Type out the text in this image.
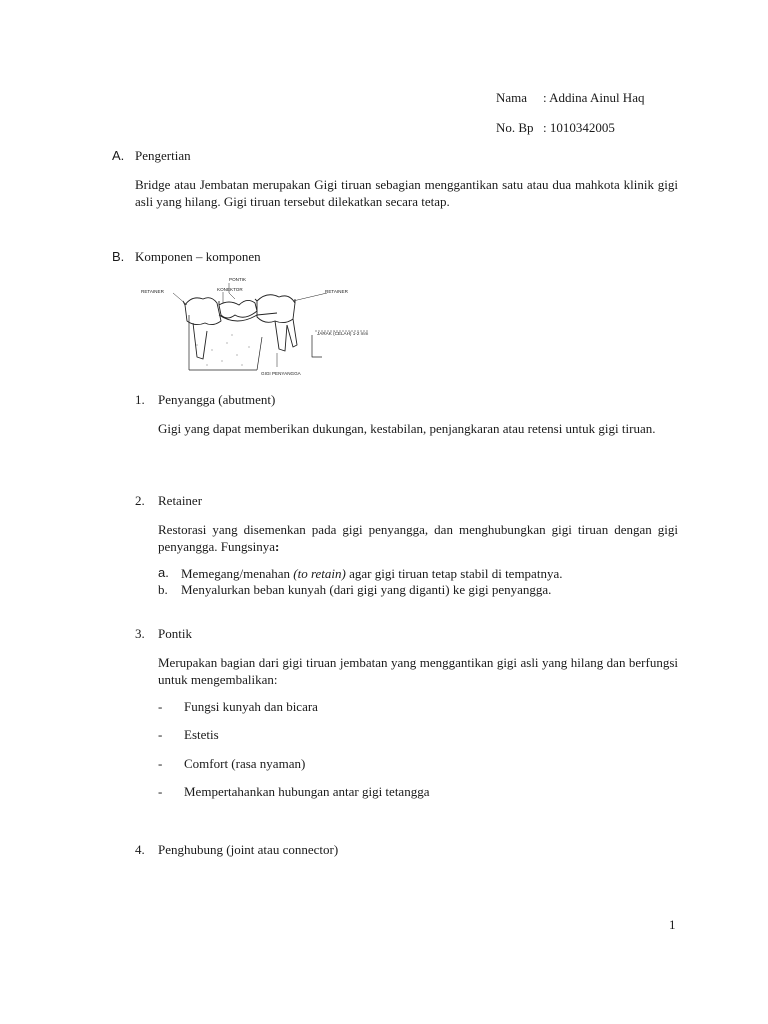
Nama : Addina Ainul Haq
No. Bp : 1010342005
A. Pengertian
Bridge atau Jembatan merupakan Gigi tiruan sebagian menggantikan satu atau dua mahkota klinik gigi asli yang hilang. Gigi tiruan tersebut dilekatkan secara tetap.
B. Komponen – komponen
PONTIK
KONEKTOR
RETAINER	RETAINER
JARAK (CELAH) 1-2 mm
GIGI PENYANGGA
1. Penyangga (abutment)
Gigi yang dapat memberikan dukungan, kestabilan, penjangkaran atau retensi untuk gigi tiruan.
2. Retainer
Restorasi yang disemenkan pada gigi penyangga, dan menghubungkan gigi tiruan dengan gigi penyangga. Fungsinya:
a. Memegang/menahan (to retain) agar gigi tiruan tetap stabil di tempatnya.
b. Menyalurkan beban kunyah (dari gigi yang diganti) ke gigi penyangga.
3. Pontik
Merupakan bagian dari gigi tiruan jembatan yang menggantikan gigi asli yang hilang dan berfungsi untuk mengembalikan:
- Fungsi kunyah dan bicara
- Estetis
- Comfort (rasa nyaman)
- Mempertahankan hubungan antar gigi tetangga
4. Penghubung (joint atau connector)
1
